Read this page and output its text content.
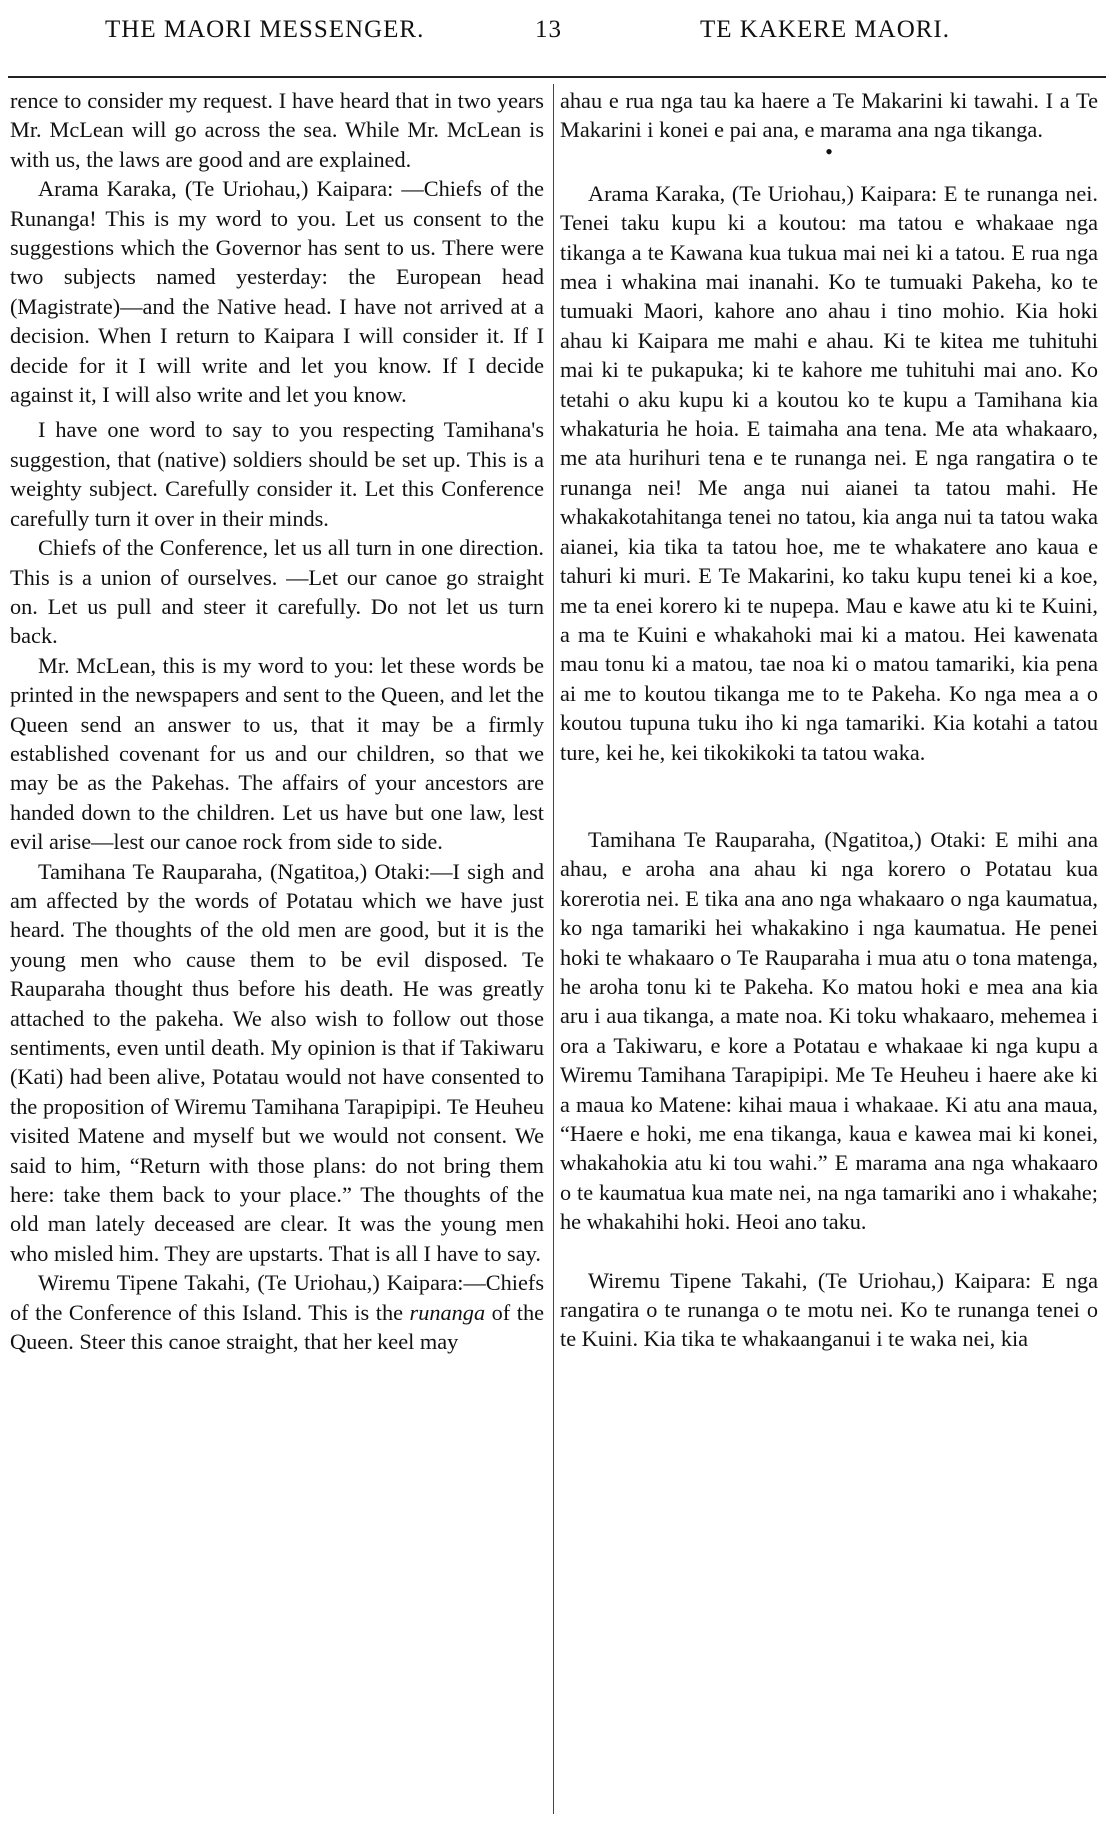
THE MAORI MESSENGER.	13	TE KAKERE MAORI.

rence to consider my request. I have heard that in two years Mr. McLean will go across the sea. While Mr. McLean is with us, the laws are good and are explained.

Arama Karaka, (Te Uriohau,) Kaipara: —Chiefs of the Runanga! This is my word to you. Let us consent to the suggestions which the Governor has sent to us. There were two subjects named yesterday: the European head (Magistrate)—and the Native head. I have not arrived at a decision. When I return to Kaipara I will consider it. If I decide for it I will write and let you know. If I decide against it, I will also write and let you know.

I have one word to say to you respecting Tamihana's suggestion, that (native) soldiers should be set up. This is a weighty subject. Carefully consider it. Let this Conference carefully turn it over in their minds.

Chiefs of the Conference, let us all turn in one direction. This is a union of ourselves. —Let our canoe go straight on. Let us pull and steer it carefully. Do not let us turn back.

Mr. McLean, this is my word to you: let these words be printed in the newspapers and sent to the Queen, and let the Queen send an answer to us, that it may be a firmly established covenant for us and our children, so that we may be as the Pakehas. The affairs of your ancestors are handed down to the children. Let us have but one law, lest evil arise—lest our canoe rock from side to side.

Tamihana Te Rauparaha, (Ngatitoa,) Otaki:—I sigh and am affected by the words of Potatau which we have just heard. The thoughts of the old men are good, but it is the young men who cause them to be evil disposed. Te Rauparaha thought thus before his death. He was greatly attached to the pakeha. We also wish to follow out those sentiments, even until death. My opinion is that if Takiwaru (Kati) had been alive, Potatau would not have consented to the proposition of Wiremu Tamihana Tarapipipi. Te Heuheu visited Matene and myself but we would not consent. We said to him, “Return with those plans: do not bring them here: take them back to your place.” The thoughts of the old man lately deceased are clear. It was the young men who misled him. They are upstarts. That is all I have to say.

Wiremu Tipene Takahi, (Te Uriohau,) Kaipara:—Chiefs of the Conference of this Island. This is the runanga of the Queen. Steer this canoe straight, that her keel may

ahau e rua nga tau ka haere a Te Makarini ki tawahi. I a Te Makarini i konei e pai ana, e marama ana nga tikanga.

•

Arama Karaka, (Te Uriohau,) Kaipara: E te runanga nei. Tenei taku kupu ki a koutou: ma tatou e whakaae nga tikanga a te Kawana kua tukua mai nei ki a tatou. E rua nga mea i whakina mai inanahi. Ko te tumuaki Pakeha, ko te tumuaki Maori, kahore ano ahau i tino mohio. Kia hoki ahau ki Kaipara me mahi e ahau. Ki te kitea me tuhituhi mai ki te pukapuka; ki te kahore me tuhituhi mai ano. Ko tetahi o aku kupu ki a koutou ko te kupu a Tamihana kia whakaturia he hoia. E taimaha ana tena. Me ata whakaaro, me ata hurihuri tena e te runanga nei. E nga rangatira o te runanga nei! Me anga nui aianei ta tatou mahi. He whakakotahitanga tenei no tatou, kia anga nui ta tatou waka aianei, kia tika ta tatou hoe, me te whakatere ano kaua e tahuri ki muri. E Te Makarini, ko taku kupu tenei ki a koe, me ta enei korero ki te nupepa. Mau e kawe atu ki te Kuini, a ma te Kuini e whakahoki mai ki a matou. Hei kawenata mau tonu ki a matou, tae noa ki o matou tamariki, kia pena ai me to koutou tikanga me to te Pakeha. Ko nga mea a o koutou tupuna tuku iho ki nga tamariki. Kia kotahi a tatou ture, kei he, kei tikokikoki ta tatou waka.

Tamihana Te Rauparaha, (Ngatitoa,) Otaki: E mihi ana ahau, e aroha ana ahau ki nga korero o Potatau kua korerotia nei. E tika ana ano nga whakaaro o nga kaumatua, ko nga tamariki hei whakakino i nga kaumatua. He penei hoki te whakaaro o Te Rauparaha i mua atu o tona matenga, he aroha tonu ki te Pakeha. Ko matou hoki e mea ana kia aru i aua tikanga, a mate noa. Ki toku whakaaro, mehemea i ora a Takiwaru, e kore a Potatau e whakaae ki nga kupu a Wiremu Tamihana Tarapipipi. Me Te Heuheu i haere ake ki a maua ko Matene: kihai maua i whakaae. Ki atu ana maua, “Haere e hoki, me ena tikanga, kaua e kawea mai ki konei, whakahokia atu ki tou wahi.” E marama ana nga whakaaro o te kaumatua kua mate nei, na nga tamariki ano i whakahe; he whakahihi hoki. Heoi ano taku.

Wiremu Tipene Takahi, (Te Uriohau,) Kaipara: E nga rangatira o te runanga o te motu nei. Ko te runanga tenei o te Kuini. Kia tika te whakaanganui i te waka nei, kia
